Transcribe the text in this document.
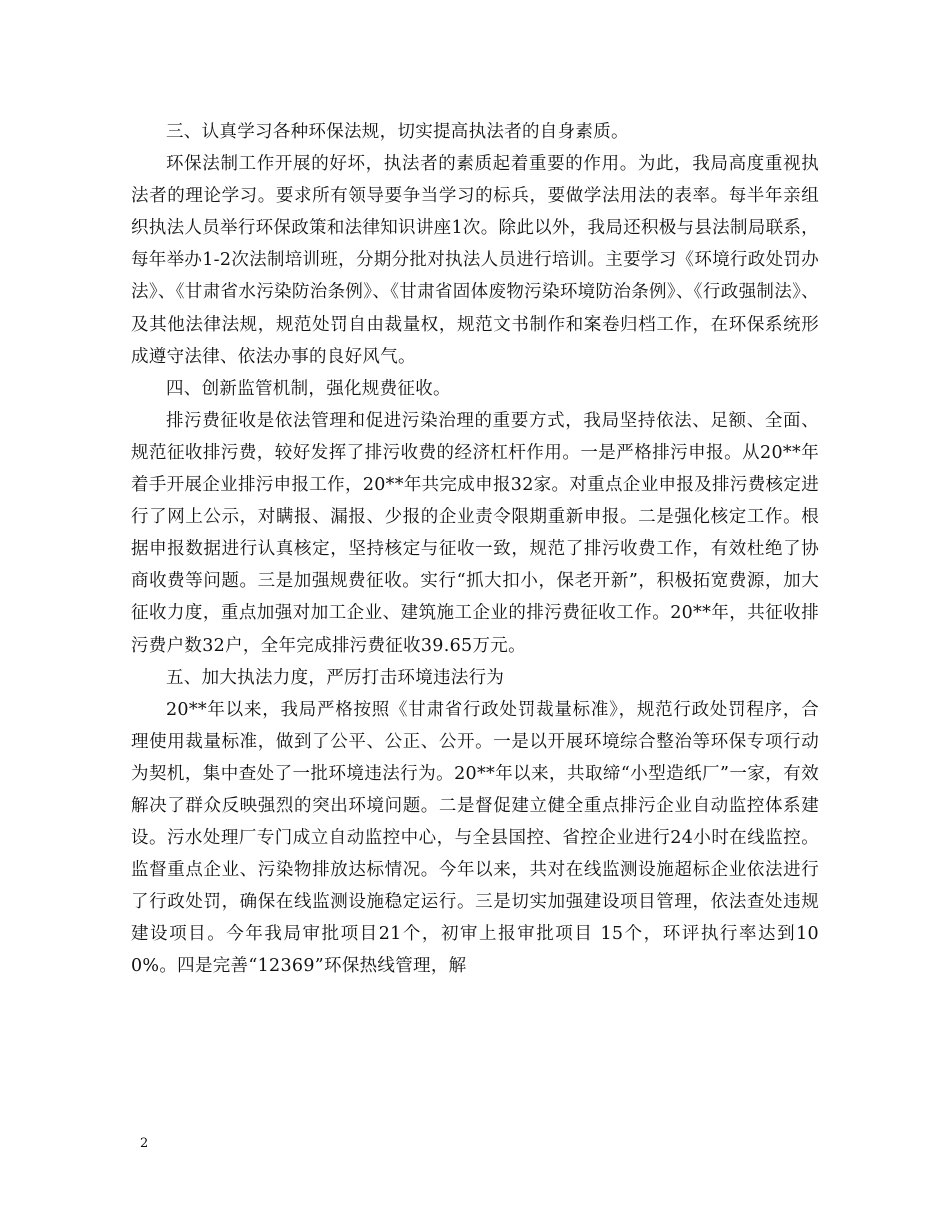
三、认真学习各种环保法规，切实提高执法者的自身素质。

环保法制工作开展的好坏，执法者的素质起着重要的作用。为此，我局高度重视执法者的理论学习。要求所有领导要争当学习的标兵，要做学法用法的表率。每半年亲组织执法人员举行环保政策和法律知识讲座1次。除此以外，我局还积极与县法制局联系，每年举办1-2次法制培训班，分期分批对执法人员进行培训。主要学习《环境行政处罚办法》、《甘肃省水污染防治条例》、《甘肃省固体废物污染环境防治条例》、《行政强制法》、及其他法律法规，规范处罚自由裁量权，规范文书制作和案卷归档工作，在环保系统形成遵守法律、依法办事的良好风气。

四、创新监管机制，强化规费征收。

排污费征收是依法管理和促进污染治理的重要方式，我局坚持依法、足额、全面、规范征收排污费，较好发挥了排污收费的经济杠杆作用。一是严格排污申报。从20**年着手开展企业排污申报工作，20**年共完成申报32家。对重点企业申报及排污费核定进行了网上公示，对瞒报、漏报、少报的企业责令限期重新申报。二是强化核定工作。根据申报数据进行认真核定，坚持核定与征收一致，规范了排污收费工作，有效杜绝了协商收费等问题。三是加强规费征收。实行“抓大扣小，保老开新”，积极拓宽费源，加大征收力度，重点加强对加工企业、建筑施工企业的排污费征收工作。20**年，共征收排污费户数32户，全年完成排污费征收39.65万元。

五、加大执法力度，严厉打击环境违法行为

20**年以来，我局严格按照《甘肃省行政处罚裁量标准》，规范行政处罚程序，合理使用裁量标准，做到了公平、公正、公开。一是以开展环境综合整治等环保专项行动为契机，集中查处了一批环境违法行为。20**年以来，共取缔“小型造纸厂”一家，有效解决了群众反映强烈的突出环境问题。二是督促建立健全重点排污企业自动监控体系建设。污水处理厂专门成立自动监控中心，与全县国控、省控企业进行24小时在线监控。监督重点企业、污染物排放达标情况。今年以来，共对在线监测设施超标企业依法进行了行政处罚，确保在线监测设施稳定运行。三是切实加强建设项目管理，依法查处违规建设项目。今年我局审批项目21个，初审上报审批项目 15个，环评执行率达到100%。四是完善“12369”环保热线管理，解

2
